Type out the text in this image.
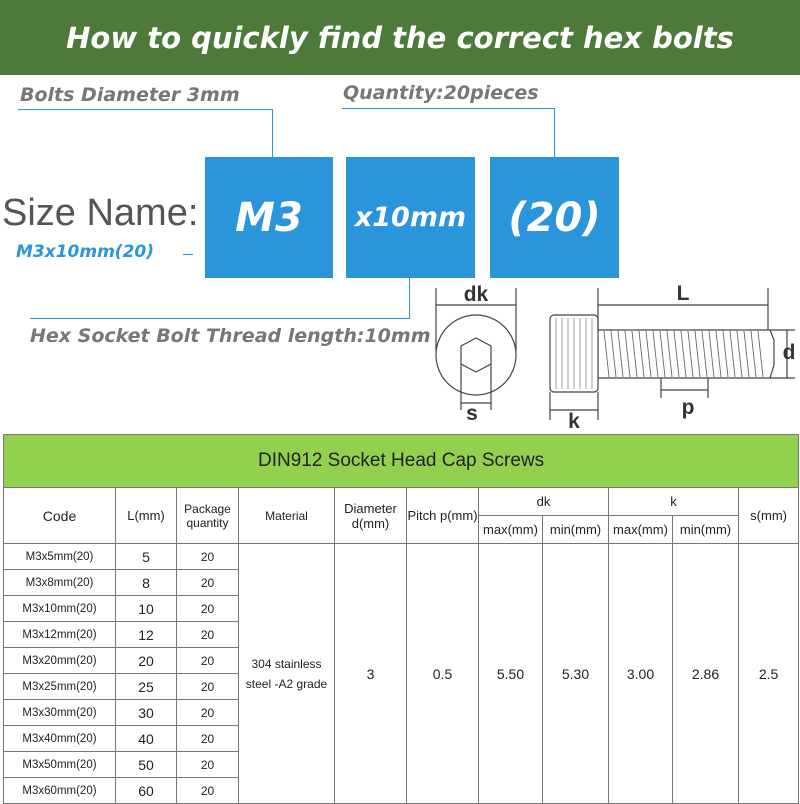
How to quickly find the correct hex bolts
Bolts Diameter 3mm	Quantity:20pieces
Hex Socket Bolt Thread length:10mm
Size Name:
M3x10mm(20)
M3 x10mm (20)
dk
s
L
d
k
p
DIN912 Socket Head Cap Screws										
Code	L(mm)	Package quantity	Material	Diameter d(mm)	Pitch p(mm)	dk		k		s(mm)
						max(mm)	min(mm)	max(mm)	min(mm)	
M3x5mm(20)	5	20	304 stainless steel -A2 grade	3	0.5	5.50	5.30	3.00	2.86	2.5
M3x8mm(20)	8	20								
M3x10mm(20)	10	20								
M3x12mm(20)	12	20								
M3x20mm(20)	20	20								
M3x25mm(20)	25	20								
M3x30mm(20)	30	20								
M3x40mm(20)	40	20								
M3x50mm(20)	50	20								
M3x60mm(20)	60	20								
